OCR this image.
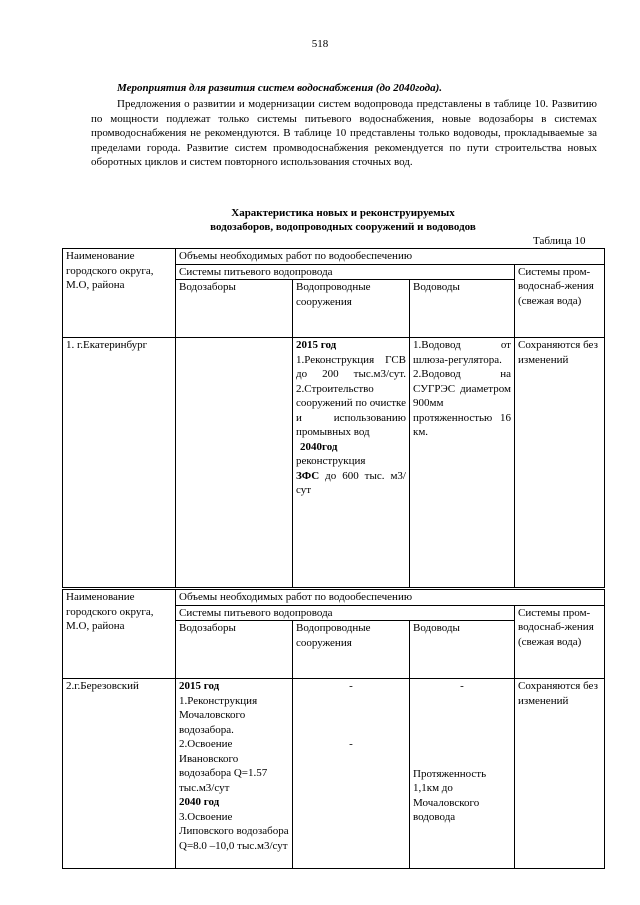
518
Мероприятия для развития систем водоснабжения (до 2040года).

Предложения о развитии и модернизации систем водопровода представлены в таблице 10. Развитию по мощности подлежат только системы питьевого водоснабжения, новые водозаборы в системах промводоснабжения не рекомендуются. В таблице 10 представлены только водоводы, прокладываемые за пределами города. Развитие систем промводоснабжения рекомендуется по пути строительства новых оборотных циклов и систем повторного использования сточных вод.

Характеристика новых и реконструируемых
водозаборов, водопроводных сооружений и водоводов
Таблица 10
Наименование городского округа, М.О, района	Объемы необходимых работ по водообеспечению			
	Системы питьевого водопровода			Системы пром-водоснаб-жения
(свежая вода)

	Водозаборы	Водопроводные сооружения	Водоводы	
1. г.Екатеринбург		2015 год
1.Реконструкция ГСВ до 200 тыс.м3/сут. 2.Строительство сооружений по очистке и использованию промывных вод
2040год
реконструкция
ЗФС до 600 тыс. м3/сут	1.Водовод от шлюза-регулятора. 2.Водовод на СУГРЭС диаметром 900мм протяженностью 16 км.	Сохраняются без изменений
Наименование городского округа, М.О, района	Объемы необходимых работ по водообеспечению			
	Системы питьевого водопровода			Системы пром-водоснаб-жения
(свежая вода)

	Водозаборы	Водопроводные сооружения	Водоводы	
2.г.Березовский	2015 год
1.Реконструкция Мочаловского водозабора.
2.Освоение Ивановского водозабора Q=1.57 тыс.м3/сут
2040 год
3.Освоение Липовского водозабора Q=8.0 –10,0 тыс.м3/сут	-
-	-
Протяженность 1,1км до Мочаловского водовода	Сохраняются без изменений
